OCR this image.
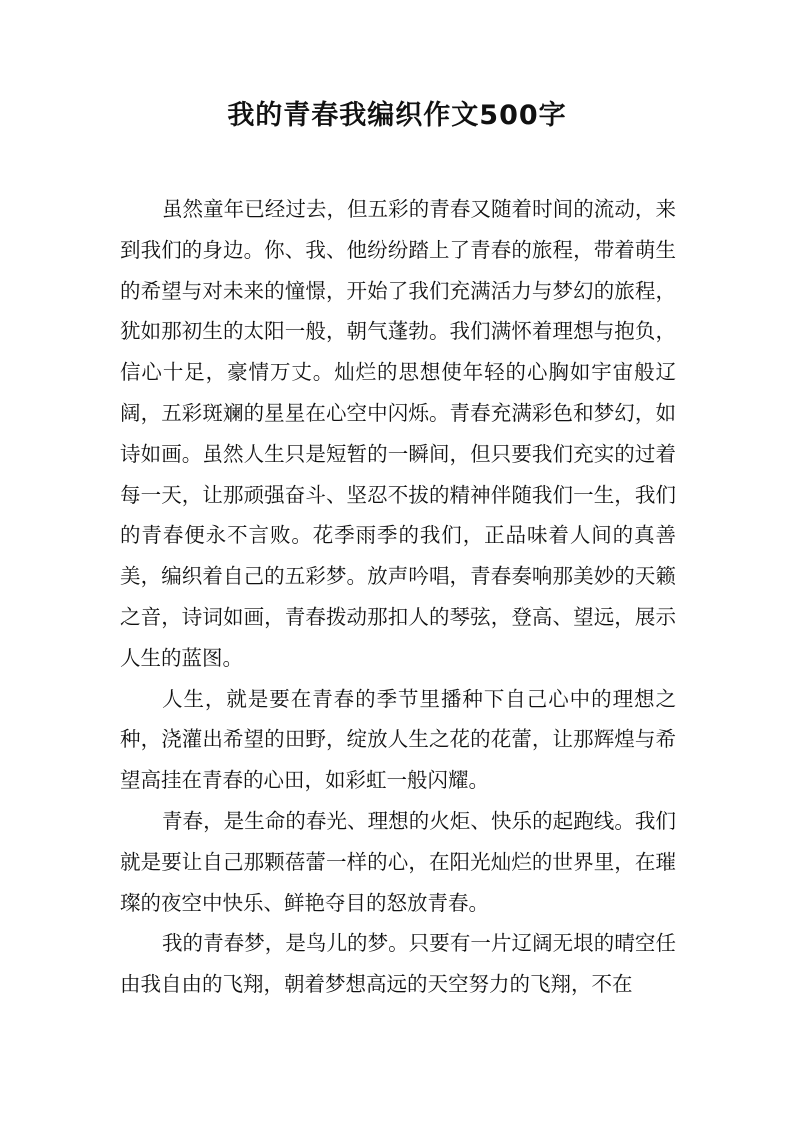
我的青春我编织作文500字

虽然童年已经过去，但五彩的青春又随着时间的流动，来到我们的身边。你、我、他纷纷踏上了青春的旅程，带着萌生的希望与对未来的憧憬，开始了我们充满活力与梦幻的旅程，犹如那初生的太阳一般，朝气蓬勃。我们满怀着理想与抱负，信心十足，豪情万丈。灿烂的思想使年轻的心胸如宇宙般辽阔，五彩斑斓的星星在心空中闪烁。青春充满彩色和梦幻，如诗如画。虽然人生只是短暂的一瞬间，但只要我们充实的过着每一天，让那顽强奋斗、坚忍不拔的精神伴随我们一生，我们的青春便永不言败。花季雨季的我们，正品味着人间的真善美，编织着自己的五彩梦。放声吟唱，青春奏响那美妙的天籁之音，诗词如画，青春拨动那扣人的琴弦，登高、望远，展示人生的蓝图。

人生，就是要在青春的季节里播种下自己心中的理想之种，浇灌出希望的田野，绽放人生之花的花蕾，让那辉煌与希望高挂在青春的心田，如彩虹一般闪耀。

青春，是生命的春光、理想的火炬、快乐的起跑线。我们就是要让自己那颗蓓蕾一样的心，在阳光灿烂的世界里，在璀璨的夜空中快乐、鲜艳夺目的怒放青春。

我的青春梦，是鸟儿的梦。只要有一片辽阔无垠的晴空任由我自由的飞翔，朝着梦想高远的天空努力的飞翔，不在
